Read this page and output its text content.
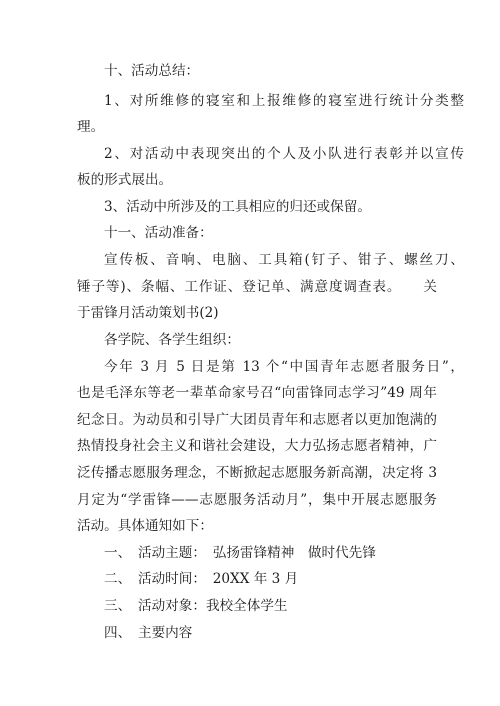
十、活动总结：
1、对所维修的寝室和上报维修的寝室进行统计分类整
理。
2、对活动中表现突出的个人及小队进行表彰并以宣传
板的形式展出。
3、活动中所涉及的工具相应的归还或保留。
十一、活动准备：
宣传板、音响、电脑、工具箱(钉子、钳子、螺丝刀、
锤子等)、条幅、工作证、登记单、满意度调查表。　　关
于雷锋月活动策划书(2)
各学院、各学生组织：
今年 3 月 5 日是第 13 个“中国青年志愿者服务日”，
也是毛泽东等老一辈革命家号召“向雷锋同志学习”49 周年
纪念日。为动员和引导广大团员青年和志愿者以更加饱满的
热情投身社会主义和谐社会建设，大力弘扬志愿者精神，广
泛传播志愿服务理念，不断掀起志愿服务新高潮，决定将 3
月定为“学雷锋——志愿服务活动月”，集中开展志愿服务
活动。具体通知如下：
一、　活动主题：　弘扬雷锋精神　做时代先锋
二、　活动时间：　20XX 年 3 月
三、　活动对象：我校全体学生
四、　主要内容
